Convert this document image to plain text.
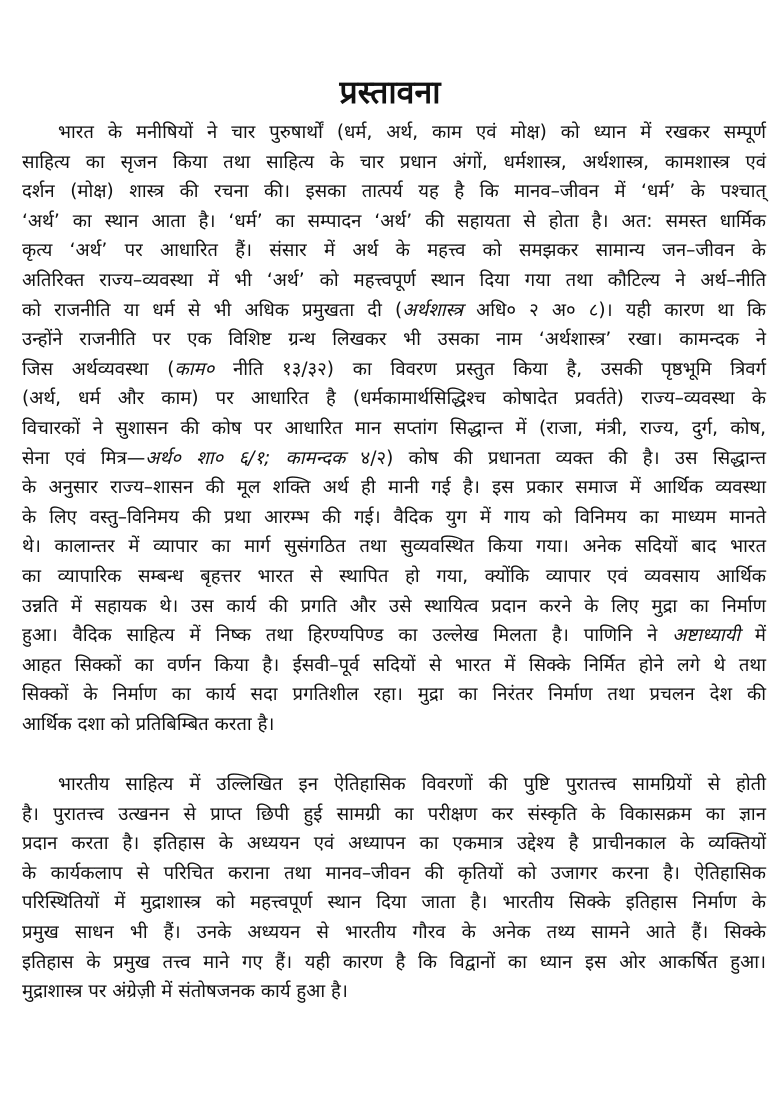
प्रस्तावना
भारत के मनीषियों ने चार पुरुषार्थों (धर्म, अर्थ, काम एवं मोक्ष) को ध्यान में रखकर सम्पूर्ण
साहित्य का सृजन किया तथा साहित्य के चार प्रधान अंगों, धर्मशास्त्र, अर्थशास्त्र, कामशास्त्र एवं
दर्शन (मोक्ष) शास्त्र की रचना की। इसका तात्पर्य यह है कि मानव–जीवन में ‘धर्म’ के पश्चात्
‘अर्थ’ का स्थान आता है। ‘धर्म’ का सम्पादन ‘अर्थ’ की सहायता से होता है। अत: समस्त धार्मिक
कृत्य ‘अर्थ’ पर आधारित हैं। संसार में अर्थ के महत्त्व को समझकर सामान्य जन–जीवन के
अतिरिक्त राज्य–व्यवस्था में भी ‘अर्थ’ को महत्त्वपूर्ण स्थान दिया गया तथा कौटिल्य ने अर्थ–नीति
को राजनीति या धर्म से भी अधिक प्रमुखता दी (अर्थशास्त्र अधि० २ अ० ८)। यही कारण था कि
उन्होंने राजनीति पर एक विशिष्ट ग्रन्थ लिखकर भी उसका नाम ‘अर्थशास्त्र’ रखा। कामन्दक ने
जिस अर्थव्यवस्था (काम० नीति १३/३२) का विवरण प्रस्तुत किया है, उसकी पृष्ठभूमि त्रिवर्ग
(अर्थ, धर्म और काम) पर आधारित है (धर्मकामार्थसिद्धिश्च कोषादेत प्रवर्तते) राज्य–व्यवस्था के
विचारकों ने सुशासन की कोष पर आधारित मान सप्तांग सिद्धान्त में (राजा, मंत्री, राज्य, दुर्ग, कोष,
सेना एवं मित्र—अर्थ० शा० ६/१; कामन्दक ४/२) कोष की प्रधानता व्यक्त की है। उस सिद्धान्त
के अनुसार राज्य–शासन की मूल शक्ति अर्थ ही मानी गई है। इस प्रकार समाज में आर्थिक व्यवस्था
के लिए वस्तु–विनिमय की प्रथा आरम्भ की गई। वैदिक युग में गाय को विनिमय का माध्यम मानते
थे। कालान्तर में व्यापार का मार्ग सुसंगठित तथा सुव्यवस्थित किया गया। अनेक सदियों बाद भारत
का व्यापारिक सम्बन्ध बृहत्तर भारत से स्थापित हो गया, क्योंकि व्यापार एवं व्यवसाय आर्थिक
उन्नति में सहायक थे। उस कार्य की प्रगति और उसे स्थायित्व प्रदान करने के लिए मुद्रा का निर्माण
हुआ। वैदिक साहित्य में निष्क तथा हिरण्यपिण्ड का उल्लेख मिलता है। पाणिनि ने अष्टाध्यायी में
आहत सिक्कों का वर्णन किया है। ईसवी–पूर्व सदियों से भारत में सिक्के निर्मित होने लगे थे तथा
सिक्कों के निर्माण का कार्य सदा प्रगतिशील रहा। मुद्रा का निरंतर निर्माण तथा प्रचलन देश की
आर्थिक दशा को प्रतिबिम्बित करता है।
भारतीय साहित्य में उल्लिखित इन ऐतिहासिक विवरणों की पुष्टि पुरातत्त्व सामग्रियों से होती
है। पुरातत्त्व उत्खनन से प्राप्त छिपी हुई सामग्री का परीक्षण कर संस्कृति के विकासक्रम का ज्ञान
प्रदान करता है। इतिहास के अध्ययन एवं अध्यापन का एकमात्र उद्देश्य है प्राचीनकाल के व्यक्तियों
के कार्यकलाप से परिचित कराना तथा मानव–जीवन की कृतियों को उजागर करना है। ऐतिहासिक
परिस्थितियों में मुद्राशास्त्र को महत्त्वपूर्ण स्थान दिया जाता है। भारतीय सिक्के इतिहास निर्माण के
प्रमुख साधन भी हैं। उनके अध्ययन से भारतीय गौरव के अनेक तथ्य सामने आते हैं। सिक्के
इतिहास के प्रमुख तत्त्व माने गए हैं। यही कारण है कि विद्वानों का ध्यान इस ओर आकर्षित हुआ।
मुद्राशास्त्र पर अंग्रेज़ी में संतोषजनक कार्य हुआ है।
